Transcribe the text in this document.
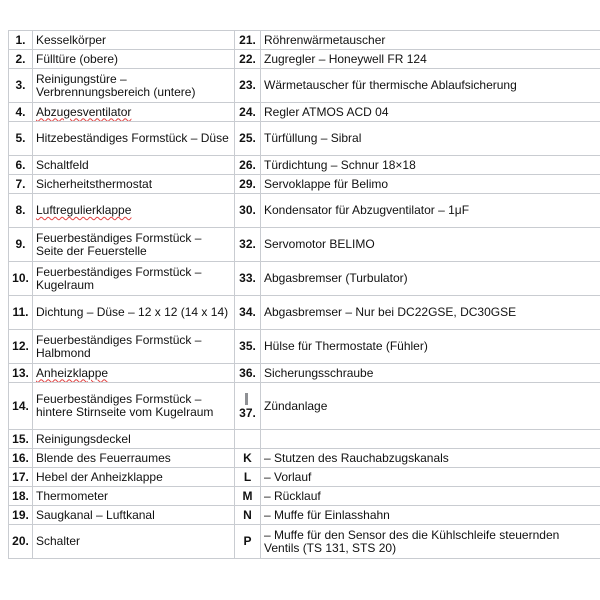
1.	Kesselkörper	21.	Röhrenwärmetauscher
2.	Fülltüre (obere)	22.	Zugregler – Honeywell FR 124
3.	Reinigungstüre – Verbrennungsbereich (untere)	23.	Wärmetauscher für thermische Ablaufsicherung
4.	Abzugesventilator	24.	Regler ATMOS ACD 04
5.	Hitzebeständiges Formstück – Düse	25.	Türfüllung – Sibral
6.	Schaltfeld	26.	Türdichtung – Schnur 18×18
7.	Sicherheitsthermostat	29.	Servoklappe für Belimo
8.	Luftregulierklappe	30.	Kondensator für Abzugventilator – 1μF
9.	Feuerbeständiges Formstück – Seite der Feuerstelle	32.	Servomotor BELIMO
10.	Feuerbeständiges Formstück – Kugelraum	33.	Abgasbremser (Turbulator)
11.	Dichtung – Düse – 12 x 12 (14 x 14)	34.	Abgasbremser – Nur bei DC22GSE, DC30GSE
12.	Feuerbeständiges Formstück – Halbmond	35.	Hülse für Thermostate (Fühler)
13.	Anheizklappe	36.	Sicherungsschraube
14.	Feuerbeständiges Formstück – hintere Stirnseite vom Kugelraum	37.	Zündanlage
15.	Reinigungsdeckel		
16.	Blende des Feuerraumes	K	– Stutzen des Rauchabzugskanals
17.	Hebel der Anheizklappe	L	– Vorlauf
18.	Thermometer	M	– Rücklauf
19.	Saugkanal – Luftkanal	N	– Muffe für Einlasshahn
20.	Schalter	P	– Muffe für den Sensor des die Kühlschleife steuernden Ventils (TS 131, STS 20)
